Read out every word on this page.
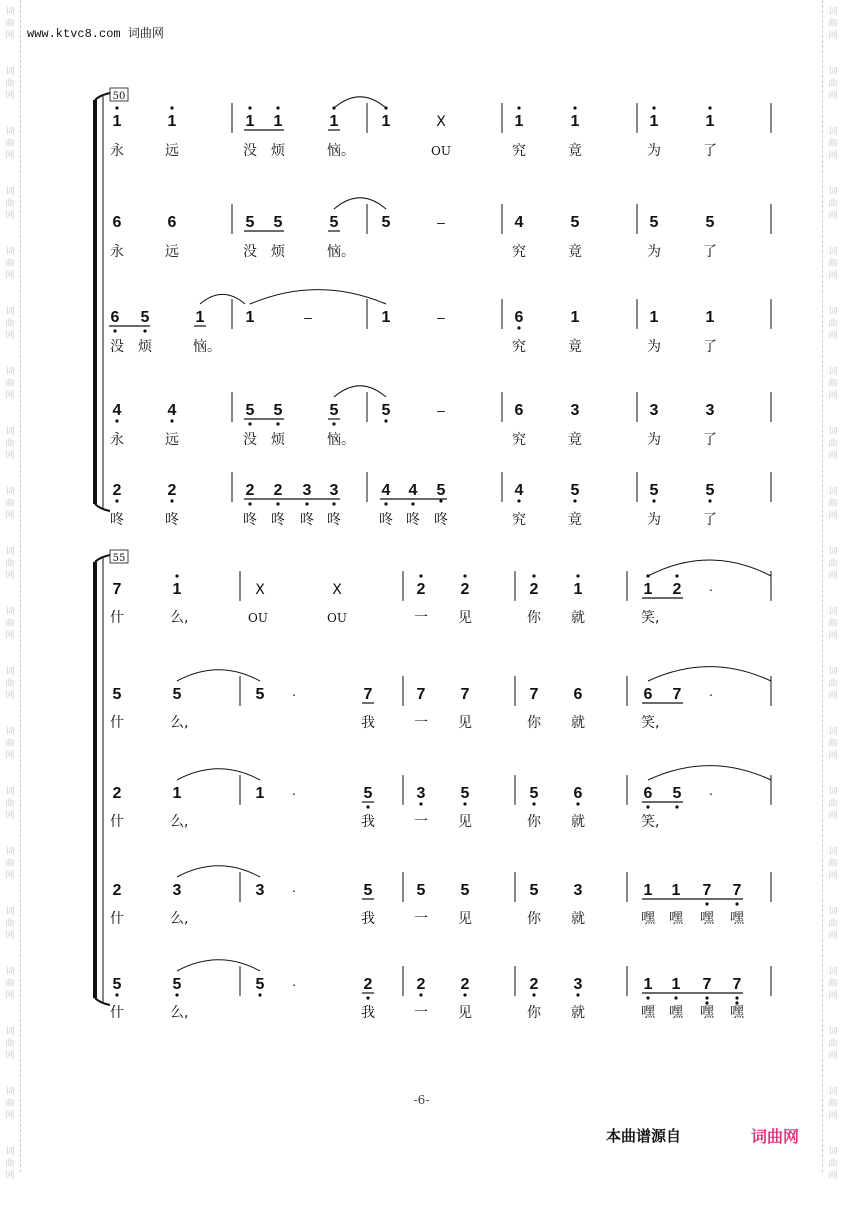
词
曲
网
词
曲
网
词
曲
网
词
曲
网
词
曲
网
词
曲
网
词
曲
网
词
曲
网
词
曲
网
词
曲
网
词
曲
网
词
曲
网
词
曲
网
词
曲
网
词
曲
网
词
曲
网
词
曲
网
词
曲
网
词
曲
网
词
曲
网
词
曲
网
词
曲
网
词
曲
网
词
曲
网
词
曲
网
词
曲
网
词
曲
网
词
曲
网
词
曲
网
词
曲
网
词
曲
网
词
曲
网
词
曲
网
词
曲
网
词
曲
网
词
曲
网
词
曲
网
词
曲
网
词
曲
网
词
曲
网
www.ktvc8.com 词曲网
50
1	1	1 1	1	1	X	1	1	1	1
永	远	没 烦	恼。	OU	究	竟	为	了
6	6	5 5	5	5	–	4	5	5	5
永	远	没 烦	恼。	究	竟	为	了
6 5	1	1	–	1	–	6	1	1	1
没 烦	恼。	究	竟	为	了
4	4	5 5	5	5	–	6	3	3	3
永	远	没 烦	恼。	究	竟	为	了
2	2	2 2 3 3	4 4 5	4	5	5	5
咚	咚	咚 咚 咚 咚	咚 咚 咚	究	竟	为	了
55
7	1	X	X	2 2	2 1	1 2 ·
什	么,	OU	OU	一 见	你 就	笑,
5	5	5 ·	7	7 7	7 6	6 7 ·
什	么,	我	一 见	你 就	笑,
2	1	1 ·	5	3 5	5 6	6 5 ·
什	么,	我	一 见	你 就	笑,
2	3	3 ·	5	5 5	5 3	1 1 7 7
什	么,	我	一 见	你 就	嘿 嘿 嘿 嘿
5	5	5 ·	2	2 2	2 3	1 1 7 7
什	么,	我	一 见	你 就	嘿 嘿 嘿 嘿
-6-
本曲谱源自	词曲网
